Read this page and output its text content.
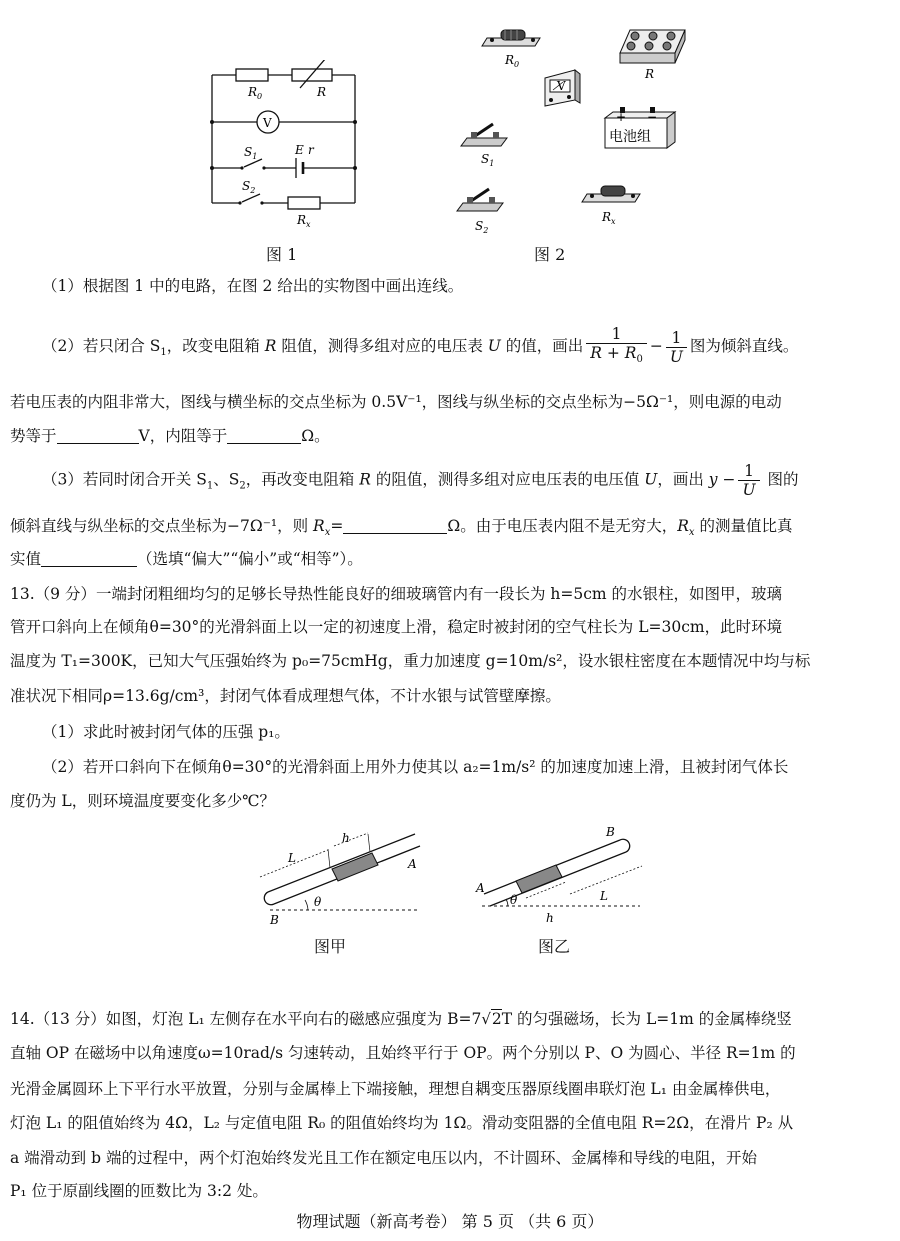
$R_0$	R
V
$S_1$	E r
$S_2$
$R_x$
图 1
$R_0$
R
V
+ −
电池组
$S_1$
$S_2$
$R_x$
图 2
（1）根据图 1 中的电路，在图 2 给出的实物图中画出连线。
（2）若只闭合 $S_1$，改变电阻箱 R 阻值，测得多组对应的电压表 U 的值，画出 $\frac{1}{R + R_0} - \frac{1}{U}$ 图为倾斜直线。
若电压表的内阻非常大，图线与横坐标的交点坐标为 0.5V⁻¹，图线与纵坐标的交点坐标为−5Ω⁻¹，则电源的电动
势等于	V，内阻等于	Ω。
（3）若同时闭合开关 $S_1$、$S_2$，再改变电阻箱 R 的阻值，测得多组对应电压表的电压值 U，画出 $y - \frac{1}{U}$ 图的
倾斜直线与纵坐标的交点坐标为−7Ω⁻¹，则 $R_x=$	Ω。由于电压表内阻不是无穷大，$R_x$ 的测量值比真
实值	（选填“偏大”“偏小”或“相等”）。
13.（9 分）一端封闭粗细均匀的足够长导热性能良好的细玻璃管内有一段长为 h=5cm 的水银柱，如图甲，玻璃
管开口斜向上在倾角θ=30°的光滑斜面上以一定的初速度上滑，稳定时被封闭的空气柱长为 L=30cm，此时环境
温度为 T₁=300K，已知大气压强始终为 p₀=75cmHg，重力加速度 g=10m/s²，设水银柱密度在本题情况中均与标
准状况下相同ρ=13.6g/cm³，封闭气体看成理想气体，不计水银与试管壁摩擦。
（1）求此时被封闭气体的压强 p₁。
（2）若开口斜向下在倾角θ=30°的光滑斜面上用外力使其以 a₂=1m/s² 的加速度加速上滑，且被封闭气体长
度仍为 L，则环境温度要变化多少℃？
L
h
A
B
θ
图甲
A
B
L
h
θ
图乙
14.（13 分）如图，灯泡 L₁ 左侧存在水平向右的磁感应强度为 B=7√2T 的匀强磁场，长为 L=1m 的金属棒绕竖
直轴 OP 在磁场中以角速度ω=10rad/s 匀速转动，且始终平行于 OP。两个分别以 P、O 为圆心、半径 R=1m 的
光滑金属圆环上下平行水平放置，分别与金属棒上下端接触，理想自耦变压器原线圈串联灯泡 L₁ 由金属棒供电，
灯泡 L₁ 的阻值始终为 4Ω，L₂ 与定值电阻 R₀ 的阻值始终均为 1Ω。滑动变阻器的全值电阻 R=2Ω，在滑片 P₂ 从
a 端滑动到 b 端的过程中，两个灯泡始终发光且工作在额定电压以内，不计圆环、金属棒和导线的电阻，开始
P₁ 位于原副线圈的匝数比为 3:2 处。
物理试题（新高考卷） 第 5 页 （共 6 页）
